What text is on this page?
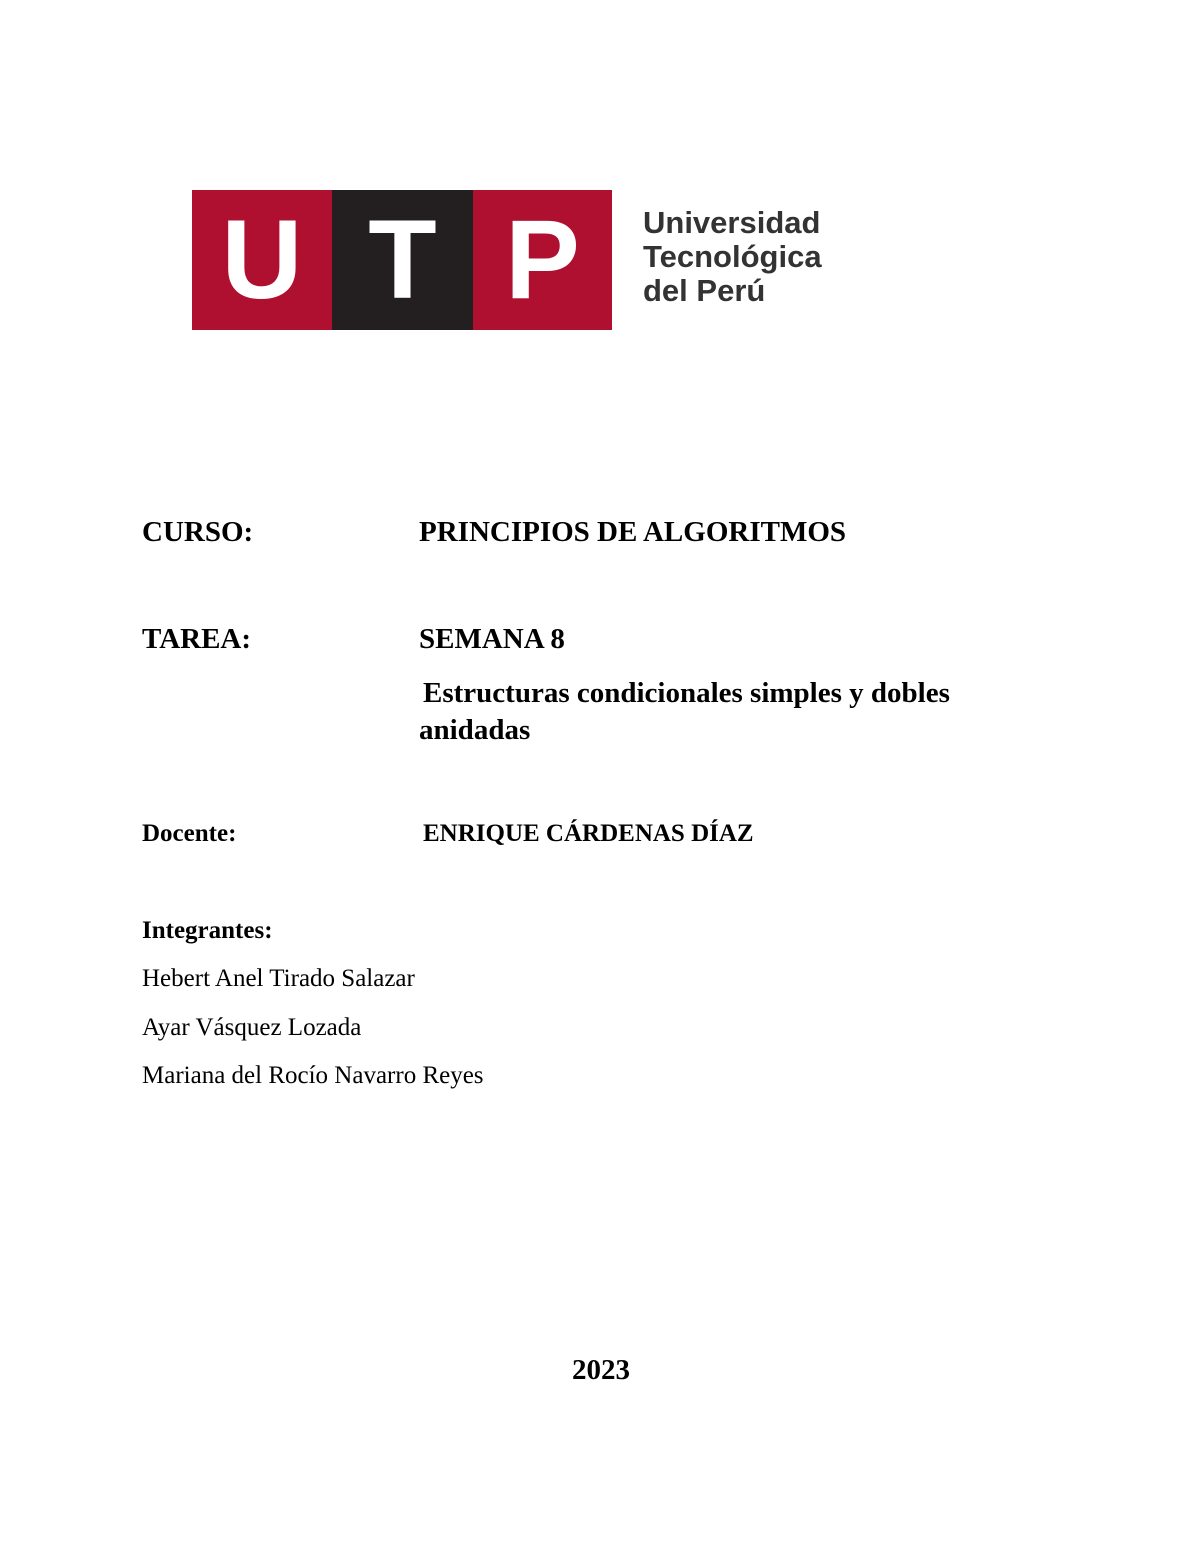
U T P Universidad
Tecnológica
del Perú
CURSO:	PRINCIPIOS DE ALGORITMOS
TAREA:	SEMANA 8
Estructuras condicionales simples y dobles
anidadas
Docente:	ENRIQUE CÁRDENAS DÍAZ
Integrantes:
Hebert Anel Tirado Salazar
Ayar Vásquez Lozada
Mariana del Rocío Navarro Reyes
2023
